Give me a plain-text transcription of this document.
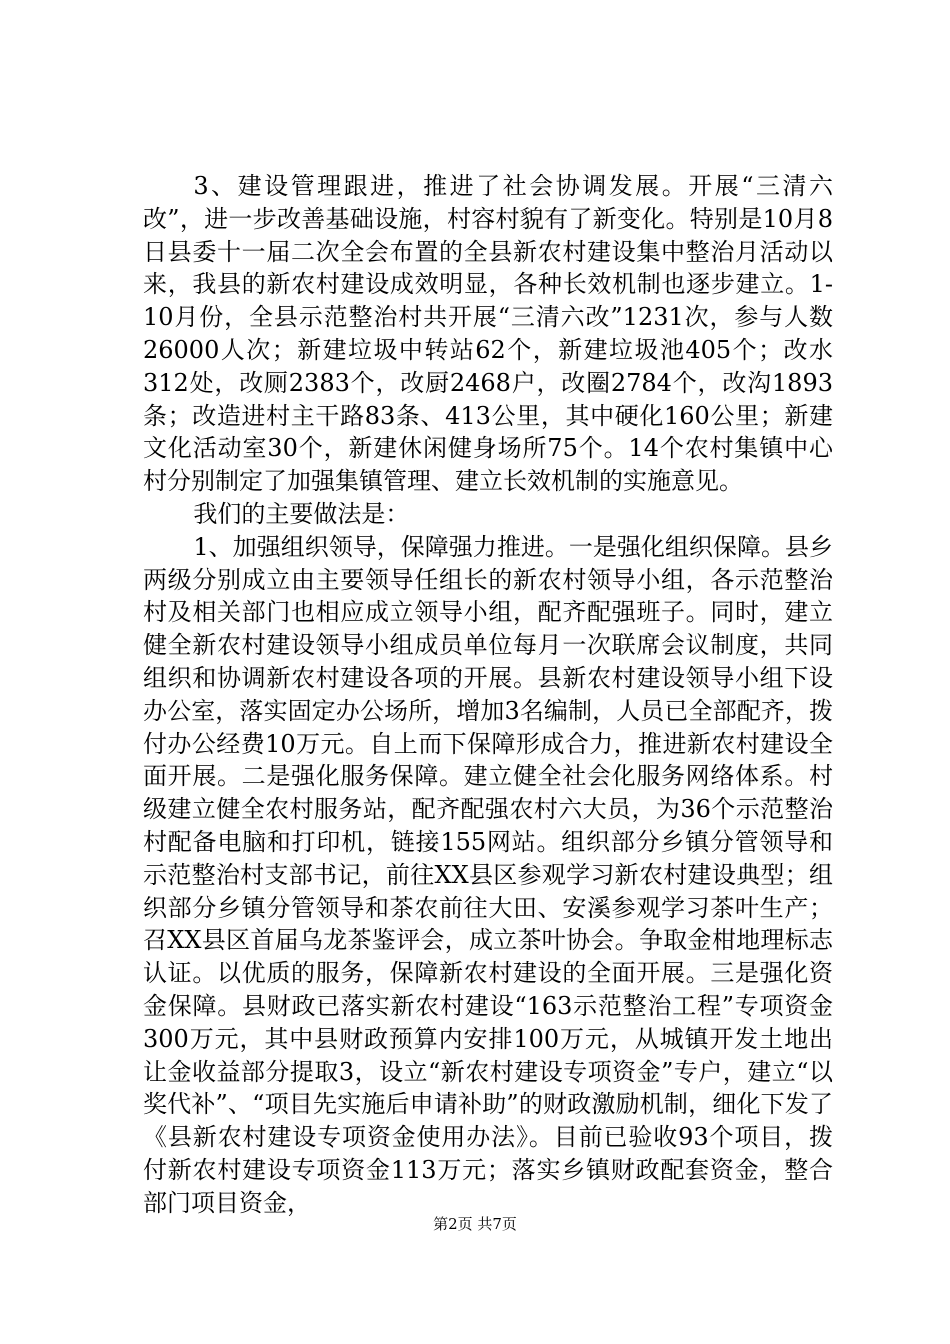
3、建设管理跟进，推进了社会协调发展。开展“三清六改”，进一步改善基础设施，村容村貌有了新变化。特别是10月8日县委十一届二次全会布置的全县新农村建设集中整治月活动以来，我县的新农村建设成效明显，各种长效机制也逐步建立。1-10月份，全县示范整治村共开展“三清六改”1231次，参与人数26000人次；新建垃圾中转站62个，新建垃圾池405个；改水312处，改厕2383个，改厨2468户，改圈2784个，改沟1893条；改造进村主干路83条、413公里，其中硬化160公里；新建文化活动室30个，新建休闲健身场所75个。14个农村集镇中心村分别制定了加强集镇管理、建立长效机制的实施意见。

我们的主要做法是：

1、加强组织领导，保障强力推进。一是强化组织保障。县乡两级分别成立由主要领导任组长的新农村领导小组，各示范整治村及相关部门也相应成立领导小组，配齐配强班子。同时，建立健全新农村建设领导小组成员单位每月一次联席会议制度，共同组织和协调新农村建设各项的开展。县新农村建设领导小组下设办公室，落实固定办公场所，增加3名编制，人员已全部配齐，拨付办公经费10万元。自上而下保障形成合力，推进新农村建设全面开展。二是强化服务保障。建立健全社会化服务网络体系。村级建立健全农村服务站，配齐配强农村六大员，为36个示范整治村配备电脑和打印机，链接155网站。组织部分乡镇分管领导和示范整治村支部书记，前往XX县区参观学习新农村建设典型；组织部分乡镇分管领导和茶农前往大田、安溪参观学习茶叶生产；召XX县区首届乌龙茶鉴评会，成立茶叶协会。争取金柑地理标志认证。以优质的服务，保障新农村建设的全面开展。三是强化资金保障。县财政已落实新农村建设“163示范整治工程”专项资金300万元，其中县财政预算内安排100万元，从城镇开发土地出让金收益部分提取3，设立“新农村建设专项资金”专户，建立“以奖代补”、“项目先实施后申请补助”的财政激励机制，细化下发了《县新农村建设专项资金使用办法》。目前已验收93个项目，拨付新农村建设专项资金113万元；落实乡镇财政配套资金，整合部门项目资金，

第2页 共7页
